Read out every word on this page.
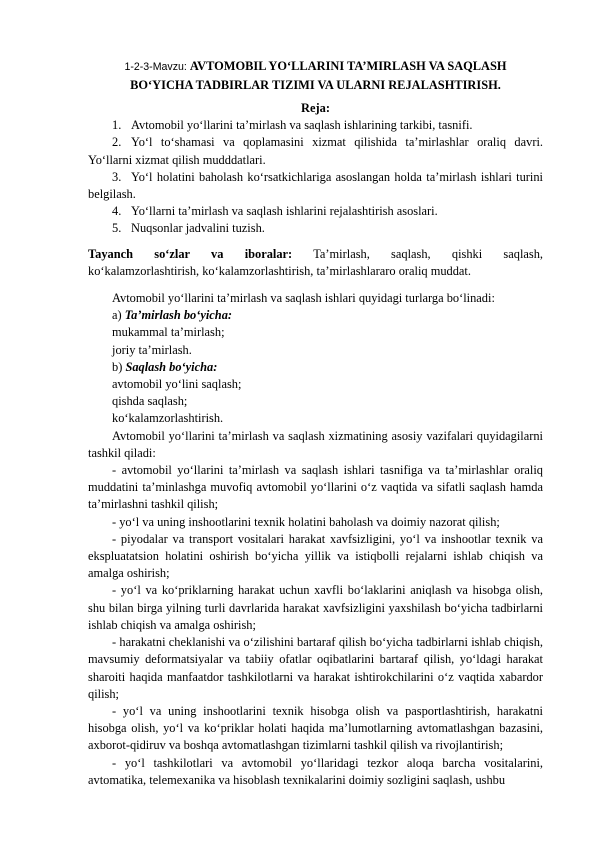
1-2-3-Mavzu: AVTOMOBIL YO‘LLARINI TA’MIRLASH VA SAQLASH
BO‘YICHA TADBIRLAR TIZIMI VA ULARNI REJALASHTIRISH.
Reja:
1. Avtomobil yo‘llarini ta’mirlash va saqlash ishlarining tarkibi, tasnifi.
2. Yo‘l to‘shamasi va qoplamasini xizmat qilishida ta’mirlashlar oraliq davri. Yo‘llarni xizmat qilish mudddatlari.
3. Yo‘l holatini baholash ko‘rsatkichlariga asoslangan holda ta’mirlash ishlari turini belgilash.
4. Yo‘llarni ta’mirlash va saqlash ishlarini rejalashtirish asoslari.
5. Nuqsonlar jadvalini tuzish.
Tayanch so‘zlar va iboralar: Ta’mirlash, saqlash, qishki saqlash,
ko‘kalamzorlashtirish, ko‘kalamzorlashtirish, ta’mirlashlararo oraliq muddat.

Avtomobil yo‘llarini ta’mirlash va saqlash ishlari quyidagi turlarga bo‘linadi:

a) Ta’mirlash bo‘yicha:

mukammal ta’mirlash;

joriy ta’mirlash.

b) Saqlash bo‘yicha:

avtomobil yo‘lini saqlash;

qishda saqlash;

ko‘kalamzorlashtirish.

Avtomobil yo‘llarini ta’mirlash va saqlash xizmatining asosiy vazifalari quyidagilarni tashkil qiladi:

- avtomobil yo‘llarini ta’mirlash va saqlash ishlari tasnifiga va ta’mirlashlar oraliq muddatini ta’minlashga muvofiq avtomobil yo‘llarini o‘z vaqtida va sifatli saqlash hamda ta’mirlashni tashkil qilish;

- yo‘l va uning inshootlarini texnik holatini baholash va doimiy nazorat qilish;

- piyodalar va transport vositalari harakat xavfsizligini, yo‘l va inshootlar texnik va ekspluatatsion holatini oshirish bo‘yicha yillik va istiqbolli rejalarni ishlab chiqish va amalga oshirish;

- yo‘l va ko‘priklarning harakat uchun xavfli bo‘laklarini aniqlash va hisobga olish, shu bilan birga yilning turli davrlarida harakat xavfsizligini yaxshilash bo‘yicha tadbirlarni ishlab chiqish va amalga oshirish;

- harakatni cheklanishi va o‘zilishini bartaraf qilish bo‘yicha tadbirlarni ishlab chiqish, mavsumiy deformatsiyalar va tabiiy ofatlar oqibatlarini bartaraf qilish, yo‘ldagi harakat sharoiti haqida manfaatdor tashkilotlarni va harakat ishtirokchilarini o‘z vaqtida xabardor qilish;

- yo‘l va uning inshootlarini texnik hisobga olish va pasportlashtirish, harakatni hisobga olish, yo‘l va ko‘priklar holati haqida ma’lumotlarning avtomatlashgan bazasini, axborot-qidiruv va boshqa avtomatlashgan tizimlarni tashkil qilish va rivojlantirish;

- yo‘l tashkilotlari va avtomobil yo‘llaridagi tezkor aloqa barcha vositalarini, avtomatika, telemexanika va hisoblash texnikalarini doimiy sozligini saqlash, ushbu
